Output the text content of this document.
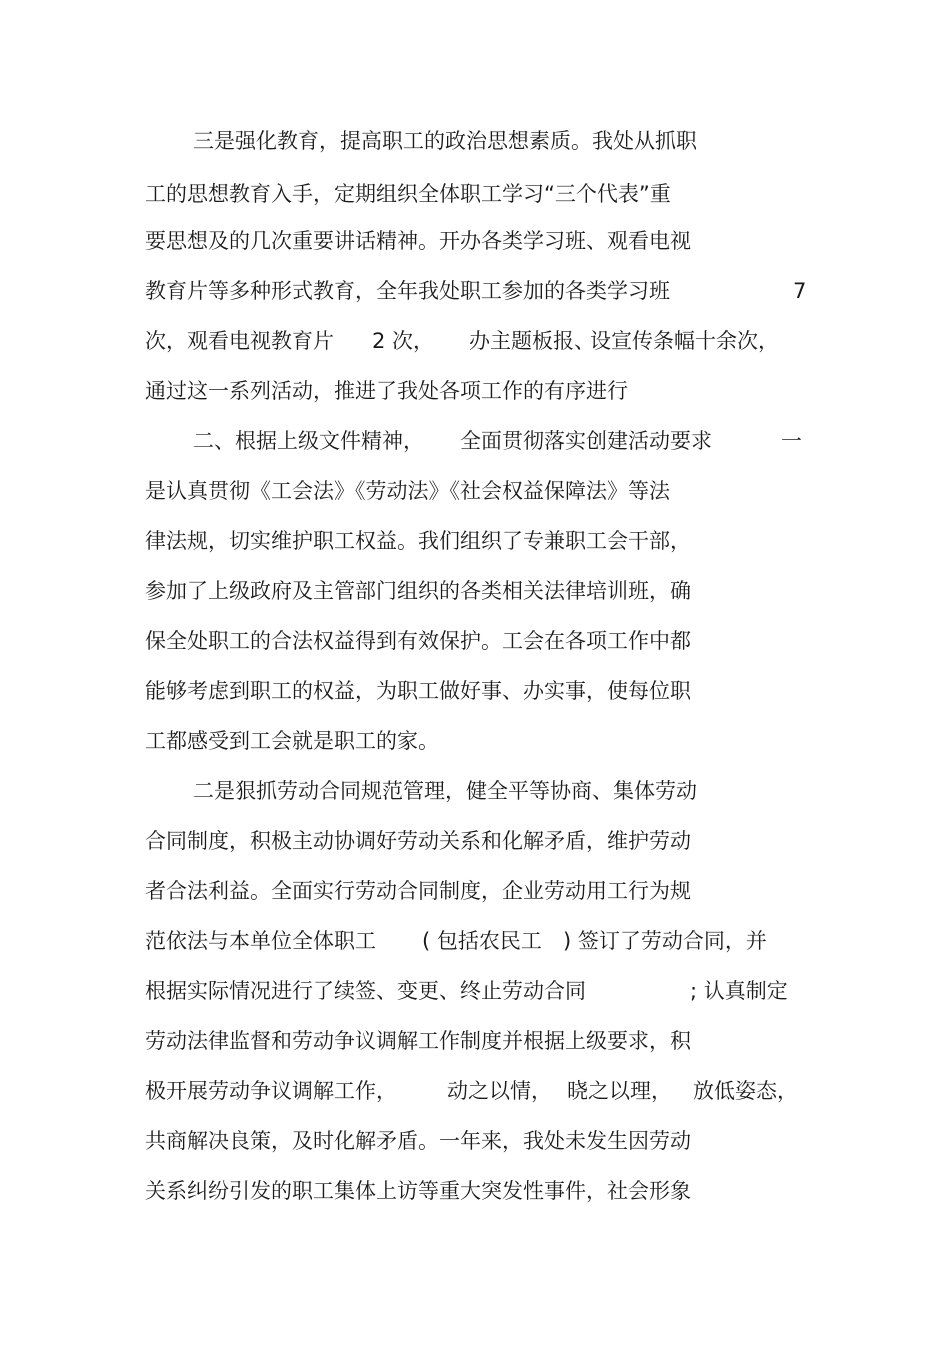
三是强化教育，提高职工的政治思想素质。我处从抓职
工的思想教育入手，定期组织全体职工学习“三个代表”重
要思想及的几次重要讲话精神。开办各类学习班、观看电视
教育片等多种形式教育，全年我处职工参加的各类学习班	7
次，观看电视教育片 2 次， 办主题板报、
设宣传条幅十余次，
通过这一系列活动，推进了我处各项工作的有序进行
二、根据上级文件精神， 全面贯彻落实创建活动要求	一
是认真贯彻《工会法》《劳动法》《社会权益保障法》等法
律法规，切实维护职工权益。我们组织了专兼职工会干部，
参加了上级政府及主管部门组织的各类相关法律培训班，确
保全处职工的合法权益得到有效保护。工会在各项工作中都
能够考虑到职工的权益，为职工做好事、办实事，使每位职
工都感受到工会就是职工的家。
二是狠抓劳动合同规范管理，健全平等协商、集体劳动
合同制度，积极主动协调好劳动关系和化解矛盾，维护劳动
者合法利益。全面实行劳动合同制度，企业劳动用工行为规
范依法与本单位全体职工 ( 包括农民工 ) 签订了劳动合同，并
根据实际情况进行了续签、变更、终止劳动合同	; 认真制定
劳动法律监督和劳动争议调解工作制度并根据上级要求，积
极开展劳动争议调解工作， 动之以情， 晓之以理， 放低姿态，
共商解决良策，及时化解矛盾。一年来，我处未发生因劳动
关系纠纷引发的职工集体上访等重大突发性事件，社会形象
